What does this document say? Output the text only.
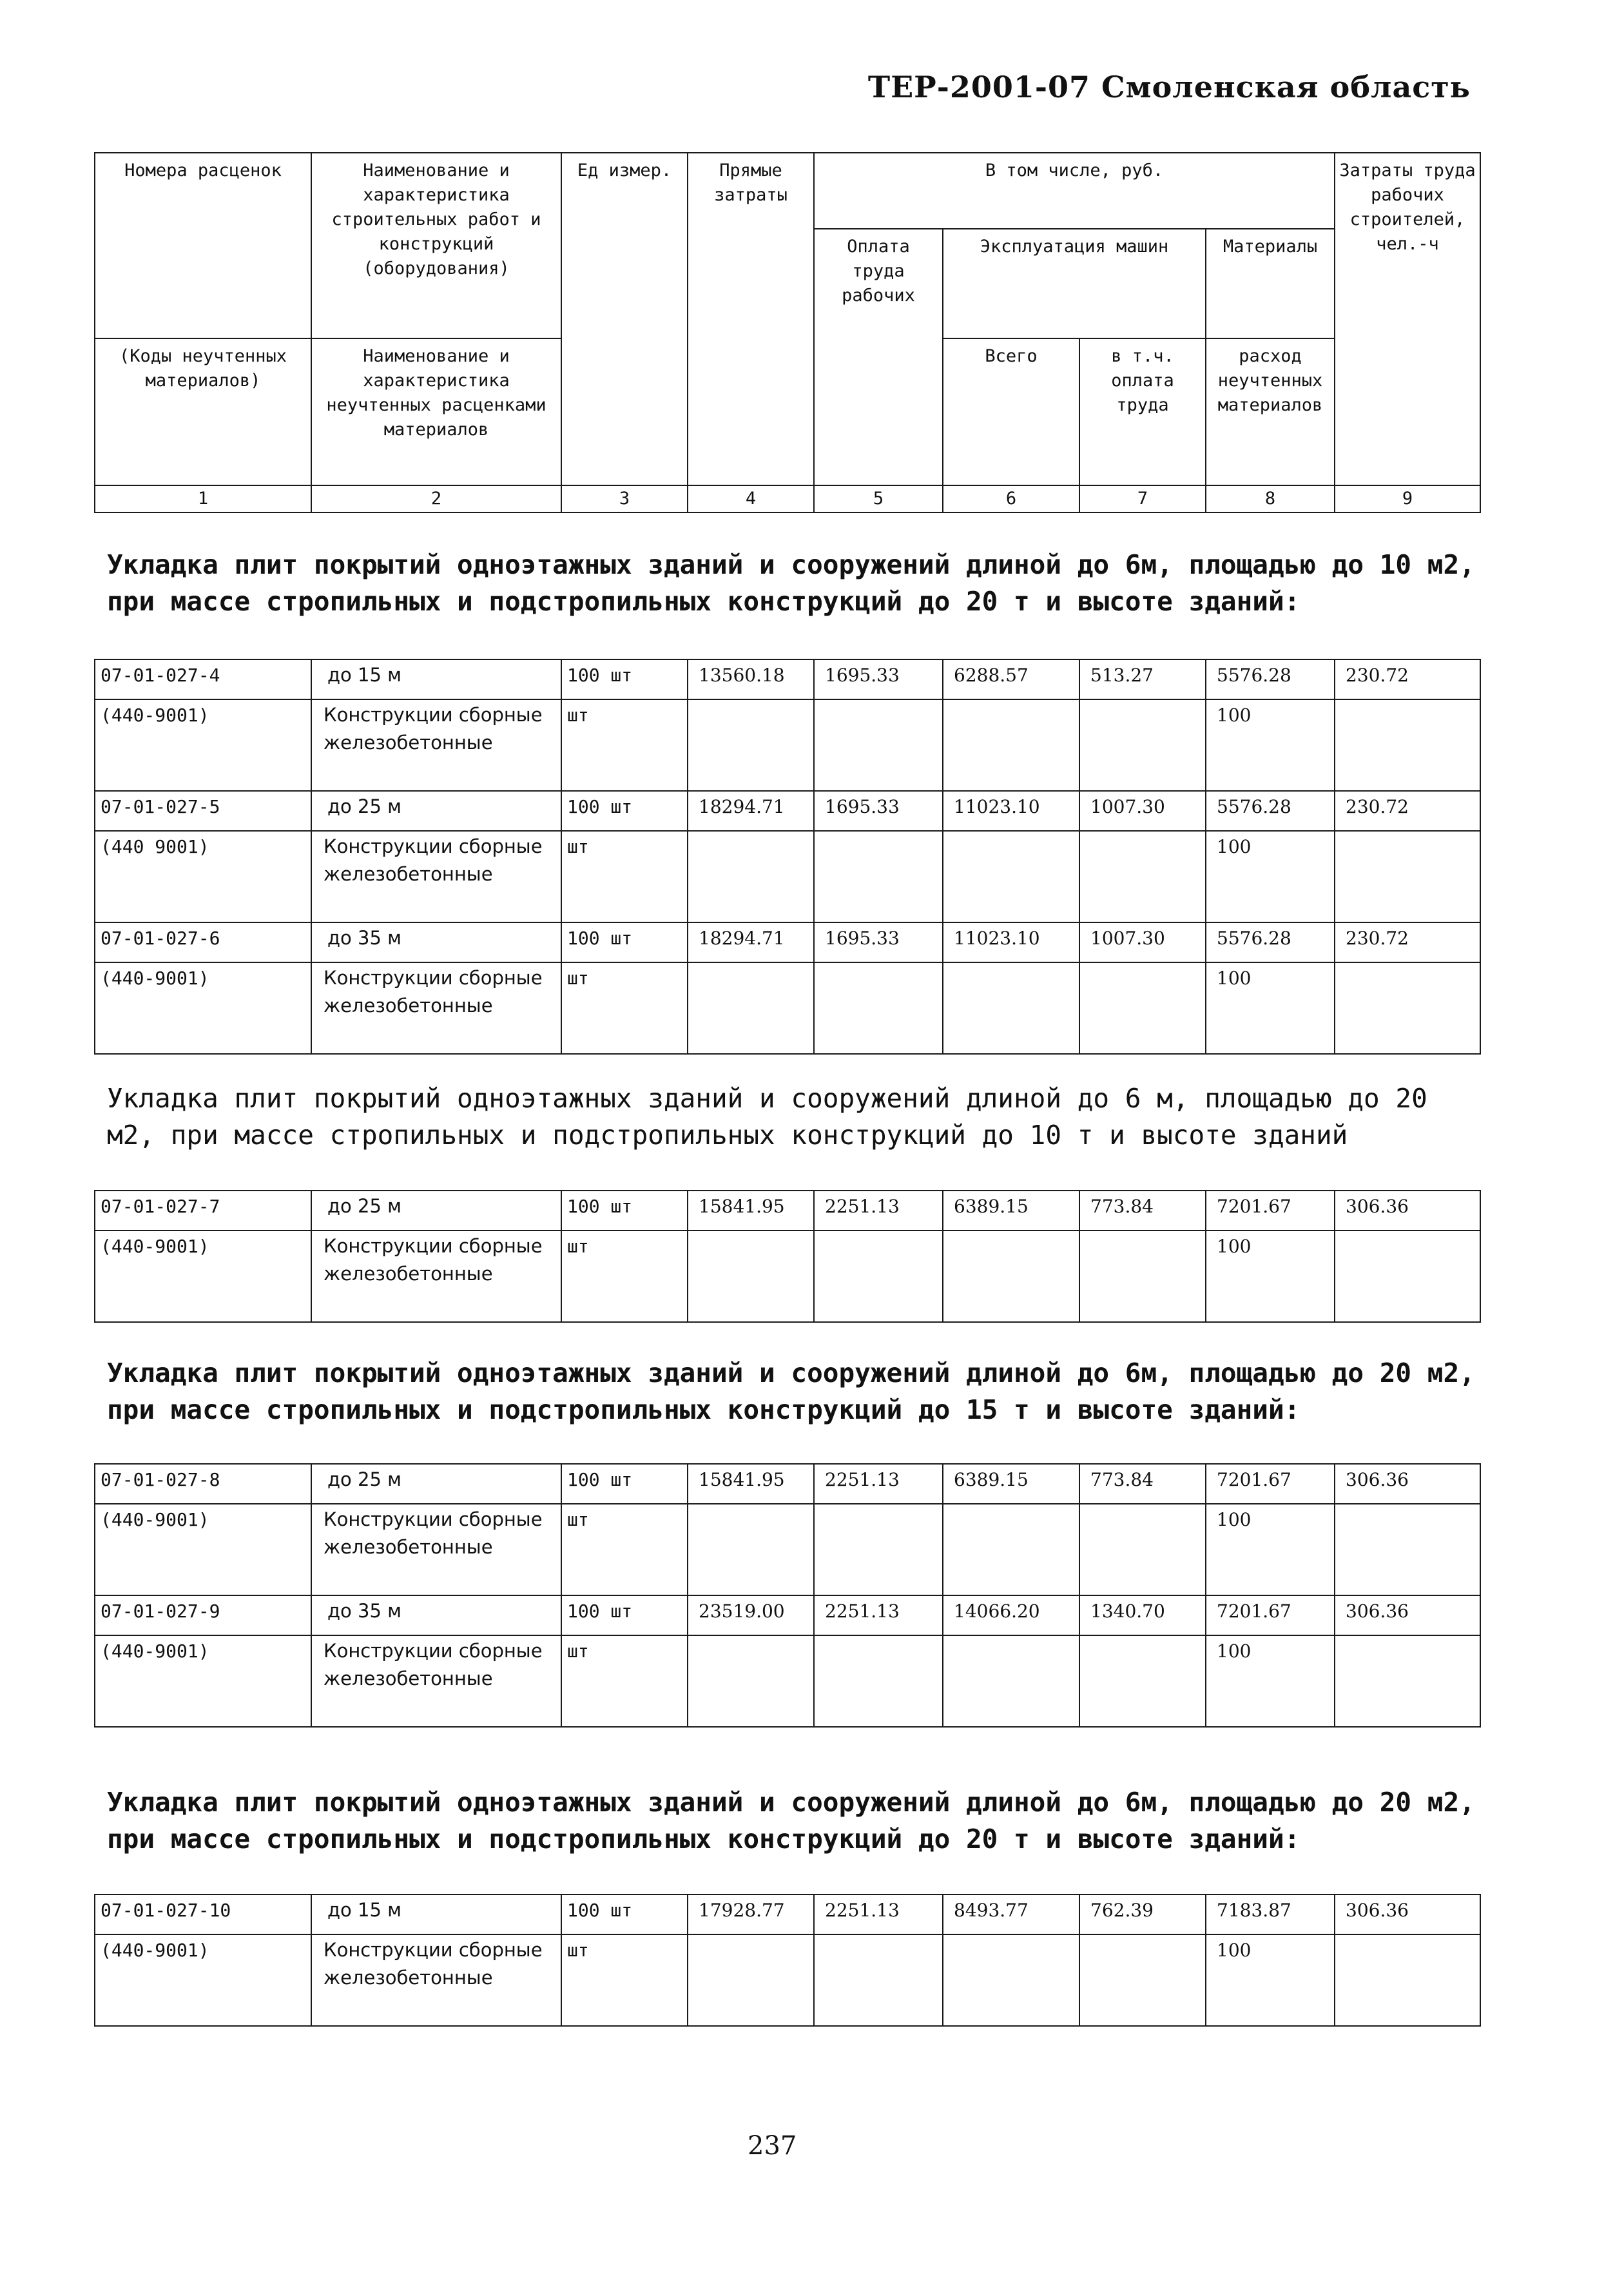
ТЕР-2001-07 Смоленская область
Номера расценок	Наименование и характеристика строительных работ и конструкций (оборудования)	Ед измер.	Прямые затраты	В том числе, руб.				Затраты труда рабочих строителей, чел.-ч
				Оплата труда рабочих	Эксплуатация машин		Материалы	
(Коды неучтенных материалов)	Наименование и характеристика неучтенных расценками материалов				Всего	в т.ч. оплата труда	расход неучтенных материалов	

1	2	3	4	5	6	7	8	9
Укладка плит покрытий одноэтажных зданий и сооружений длиной до 6м, площадью до 10 м2, при массе стропильных и подстропильных конструкций до 20 т и высоте зданий:
07-01-027-4	до 15 м	100 шт	13560.18	1695.33	6288.57	513.27	5576.28	230.72
(440-9001)	Конструкции сборные железобетонные	шт					100	
07-01-027-5	до 25 м	100 шт	18294.71	1695.33	11023.10	1007.30	5576.28	230.72
(440 9001)	Конструкции сборные железобетонные	шт					100	
07-01-027-6	до 35 м	100 шт	18294.71	1695.33	11023.10	1007.30	5576.28	230.72
(440-9001)	Конструкции сборные железобетонные	шт					100	
Укладка плит покрытий одноэтажных зданий и сооружений длиной до 6 м, площадью до 20 м2, при массе стропильных и подстропильных конструкций до 10 т и высоте зданий
07-01-027-7	до 25 м	100 шт	15841.95	2251.13	6389.15	773.84	7201.67	306.36
(440-9001)	Конструкции сборные железобетонные	шт					100	
Укладка плит покрытий одноэтажных зданий и сооружений длиной до 6м, площадью до 20 м2, при массе стропильных и подстропильных конструкций до 15 т и высоте зданий:
07-01-027-8	до 25 м	100 шт	15841.95	2251.13	6389.15	773.84	7201.67	306.36
(440-9001)	Конструкции сборные железобетонные	шт					100	
07-01-027-9	до 35 м	100 шт	23519.00	2251.13	14066.20	1340.70	7201.67	306.36
(440-9001)	Конструкции сборные железобетонные	шт					100	
Укладка плит покрытий одноэтажных зданий и сооружений длиной до 6м, площадью до 20 м2, при массе стропильных и подстропильных конструкций до 20 т и высоте зданий:
07-01-027-10	до 15 м	100 шт	17928.77	2251.13	8493.77	762.39	7183.87	306.36
(440-9001)	Конструкции сборные железобетонные	шт					100	
237
